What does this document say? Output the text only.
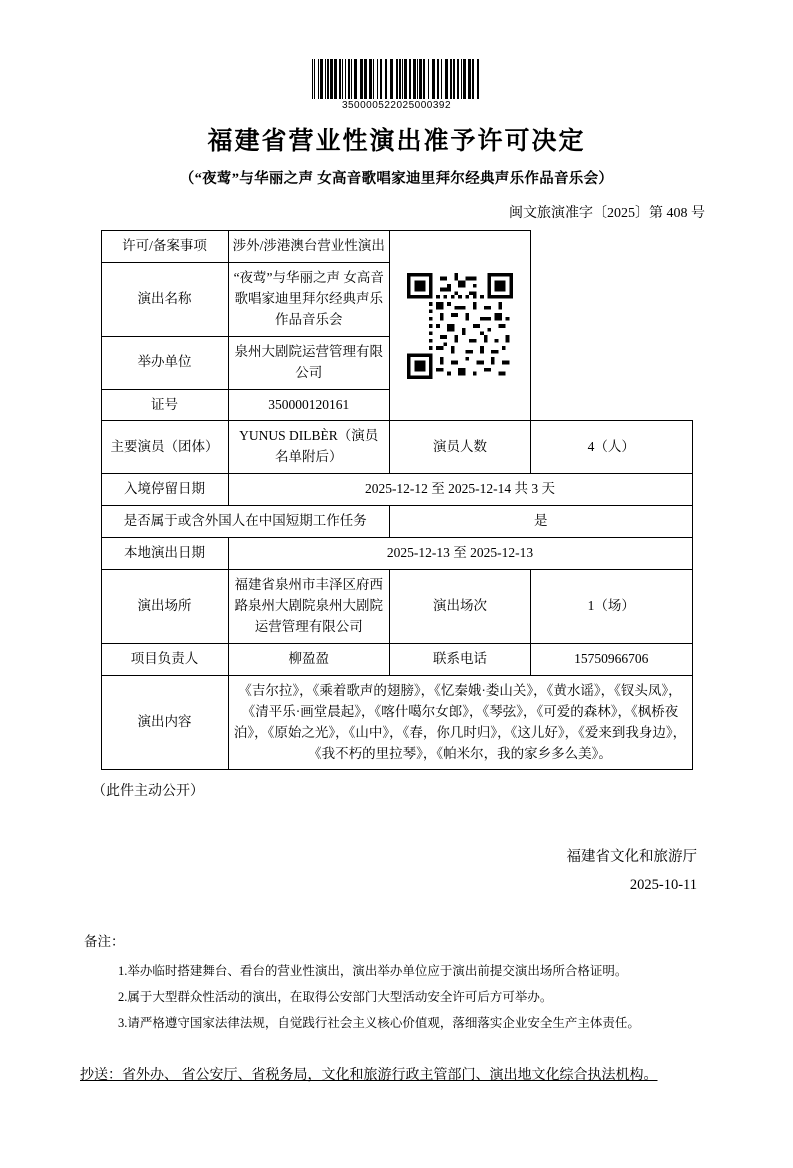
350000522025000392
福建省营业性演出准予许可决定
（“夜莺”与华丽之声 女高音歌唱家迪里拜尔经典声乐作品音乐会）
闽文旅演准字〔2025〕第 408 号
许可/备案事项	涉外/涉港澳台营业性演出	

演出名称	“夜莺”与华丽之声 女高音歌唱家迪里拜尔经典声乐作品音乐会		
举办单位	泉州大剧院运营管理有限公司		
证号	350000120161		
主要演员（团体）	YUNUS DILBÈR（演员名单附后）	演员人数	4（人）
入境停留日期	2025-12-12 至 2025-12-14 共 3 天		
是否属于或含外国人在中国短期工作任务		是	
本地演出日期	2025-12-13 至 2025-12-13		
演出场所	福建省泉州市丰泽区府西路泉州大剧院泉州大剧院运营管理有限公司	演出场次	1（场）
项目负责人	柳盈盈	联系电话	15750966706
演出内容	《吉尔拉》，《乘着歌声的翅膀》，《忆秦娥·娄山关》，《黄水谣》，《钗头凤》，《清平乐·画堂晨起》，《喀什噶尔女郎》，《琴弦》，《可爱的森林》，《枫桥夜泊》，《原始之光》，《山中》，《春，你几时归》，《这儿好》，《爱来到我身边》，《我不朽的里拉琴》，《帕米尔，我的家乡多么美》。		
（此件主动公开）
福建省文化和旅游厅
2025-10-11
备注：
1.举办临时搭建舞台、看台的营业性演出，演出举办单位应于演出前提交演出场所合格证明。
2.属于大型群众性活动的演出，在取得公安部门大型活动安全许可后方可举办。
3.请严格遵守国家法律法规，自觉践行社会主义核心价值观，落细落实企业安全生产主体责任。
抄送：省外办、 省公安厅、省税务局，文化和旅游行政主管部门、演出地文化综合执法机构。
